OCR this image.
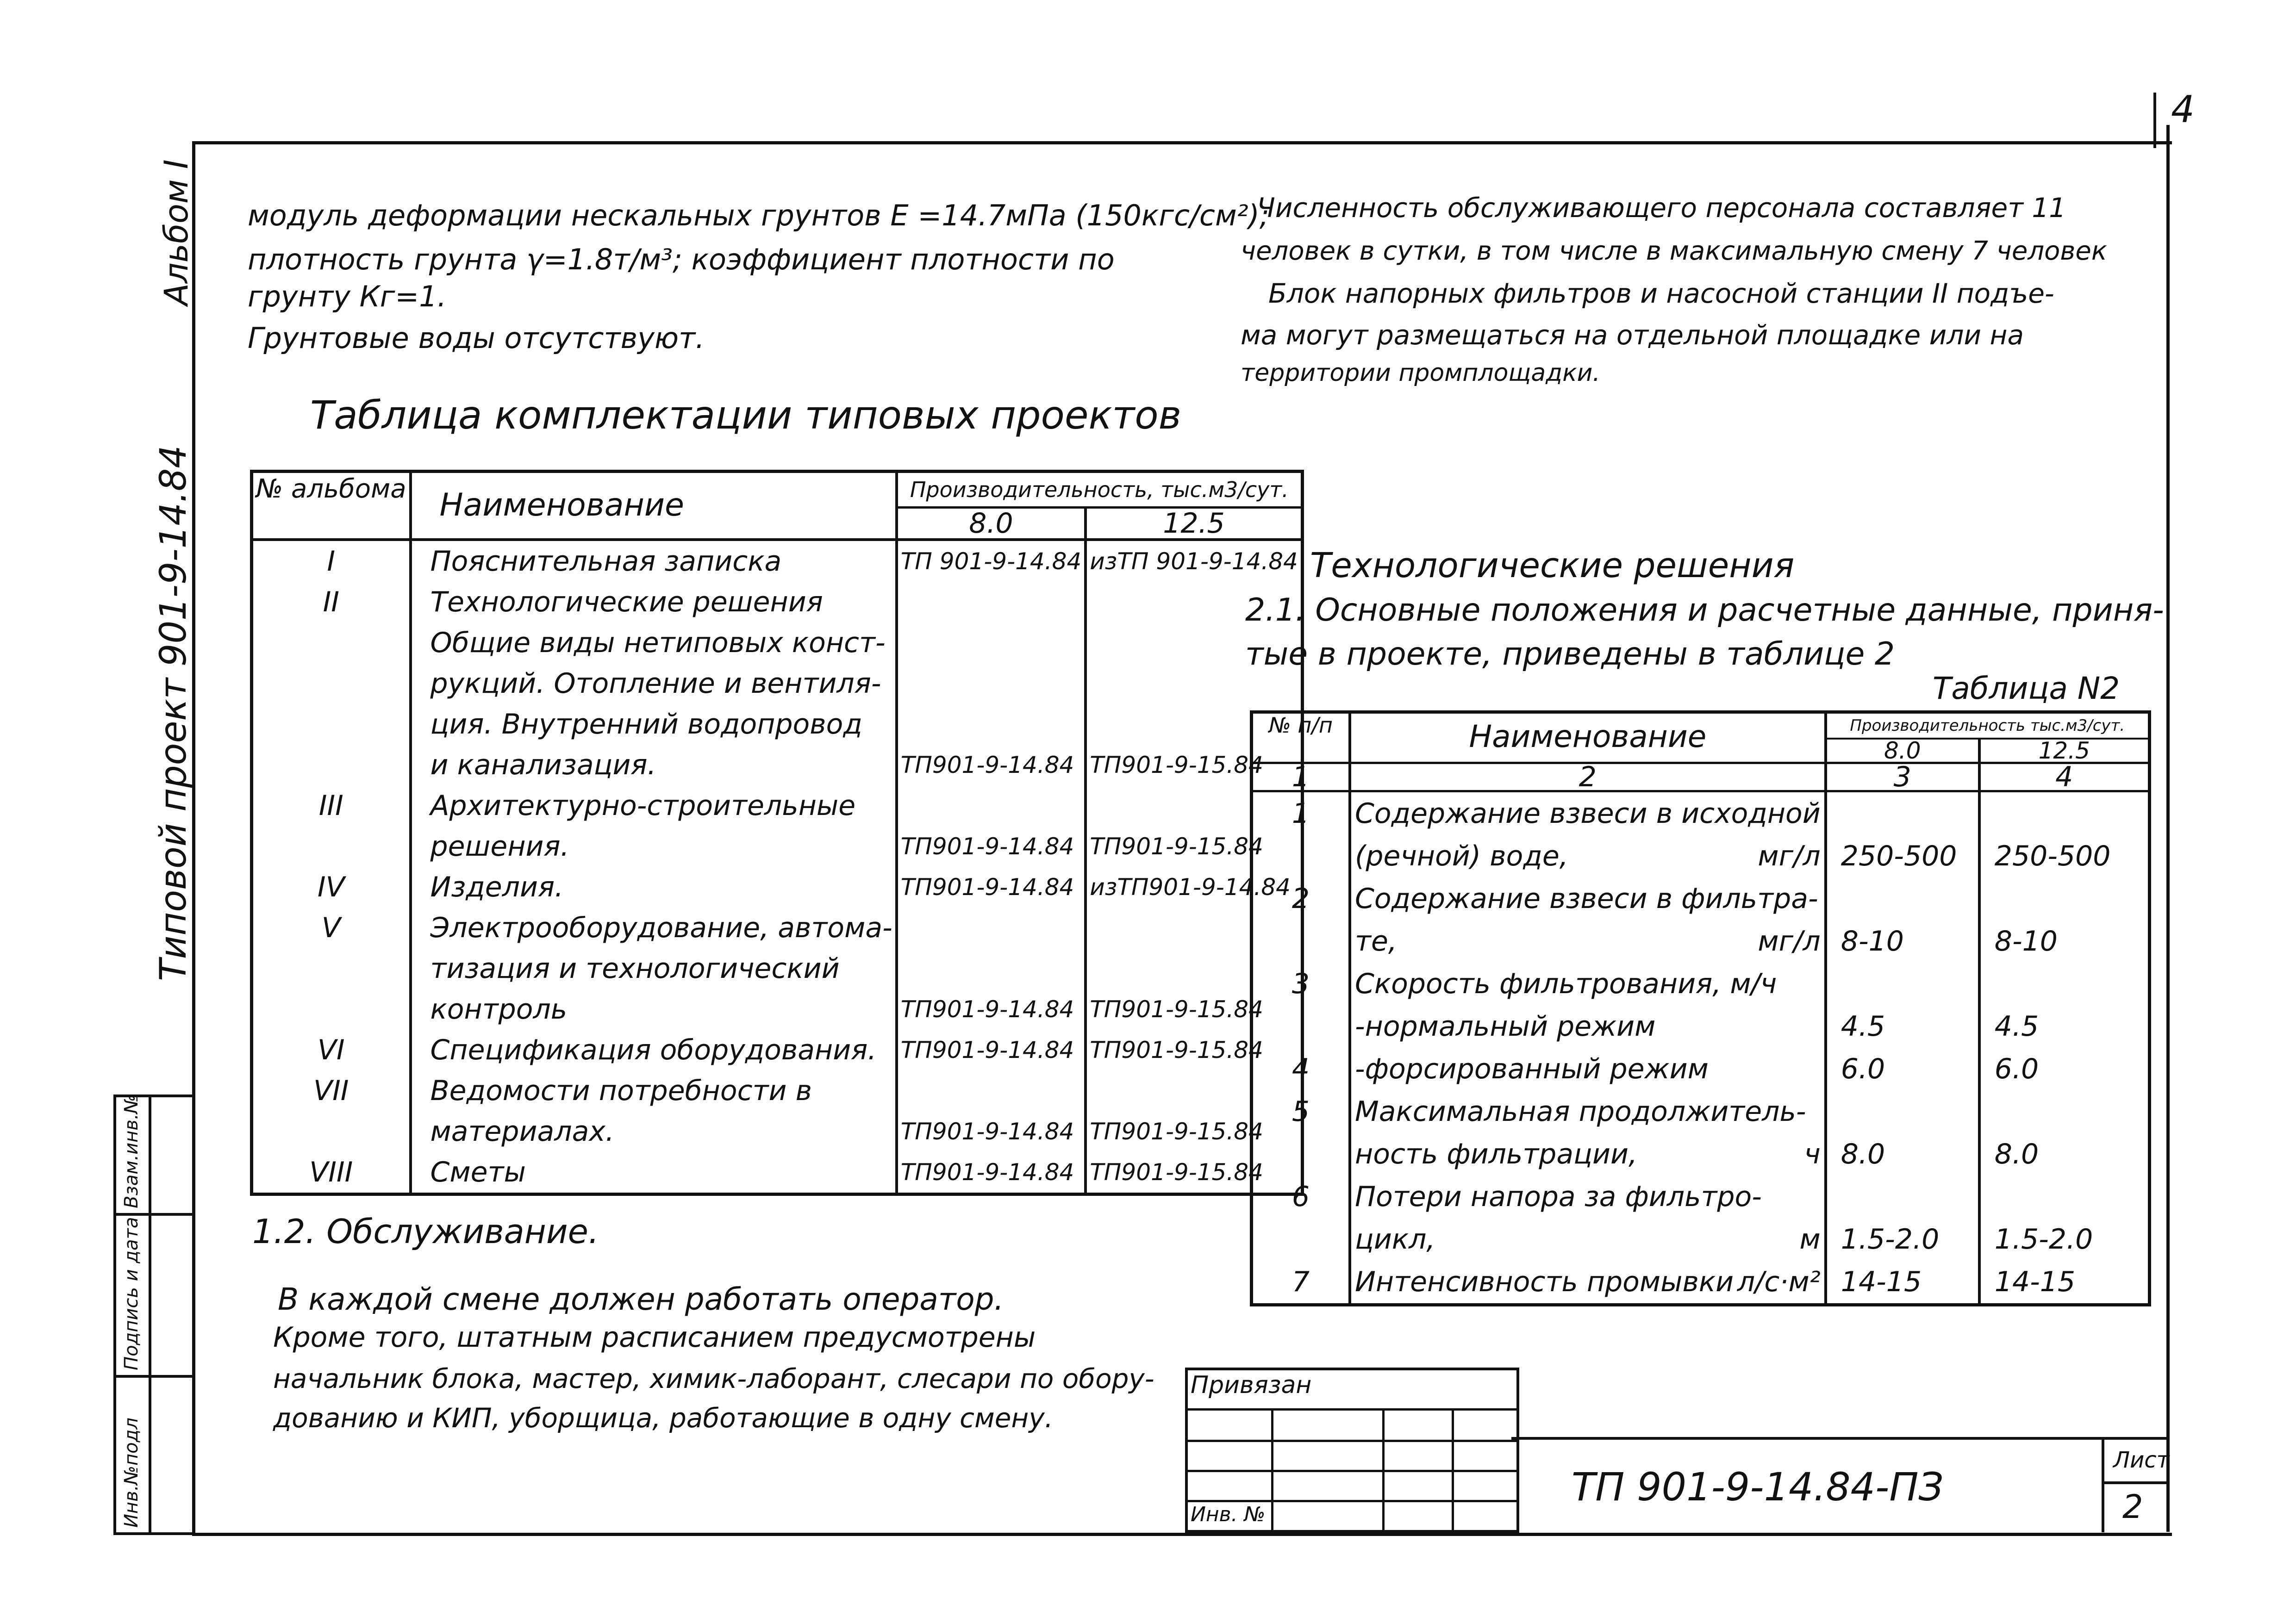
4
Альбом I
Типовой проект 901-9-14.84
Инв.№подл
Подпись и дата
Взам.инв.№
модуль деформации нескальных грунтов E =14.7мПа (150кгс/см²);
плотность грунта γ=1.8т/м³; коэффициент плотности по
грунту Кг=1.
Грунтовые воды отсутствуют.
Таблица комплектации типовых проектов
№ альбома	Наименование	Производительность, тыс.м3/сут.	
		8.0	12.5
I	Пояснительная записка	ТП 901-9-14.84	изТП 901-9-14.84
II	Технологические решения		
	Общие виды нетиповых конст-		
	рукций. Отопление и вентиля-		
	ция. Внутренний водопровод		
	и канализация.	ТП901-9-14.84	ТП901-9-15.84
III	Архитектурно-строительные		
	решения.	ТП901-9-14.84	ТП901-9-15.84
IV	Изделия.	ТП901-9-14.84	изТП901-9-14.84
V	Электрооборудование, автома-		
	тизация и технологический		
	контроль	ТП901-9-14.84	ТП901-9-15.84
VI	Спецификация оборудования.	ТП901-9-14.84	ТП901-9-15.84
VII	Ведомости потребности в		
	материалах.	ТП901-9-14.84	ТП901-9-15.84
VIII	Сметы	ТП901-9-14.84	ТП901-9-15.84
1.2. Обслуживание.
В каждой смене должен работать оператор.
Кроме того, штатным расписанием предусмотрены
начальник блока, мастер, химик-лаборант, слесари по обору-
дованию и КИП, уборщица, работающие в одну смену.
Численность обслуживающего персонала составляет 11
человек в сутки, в том числе в максимальную смену 7 человек
Блок напорных фильтров и насосной станции II подъе-
ма могут размещаться на отдельной площадке или на
территории промплощадки.
Технологические решения
2.1. Основные положения и расчетные данные, приня-
тые в проекте, приведены в таблице 2
Таблица N2
№ п/п	Наименование	Производительность тыс.м3/сут.	
		8.0	12.5
1	2	3	4
1	Содержание взвеси в исходной

	(речной) воде, мг/л	250-500	250-500
2	Содержание взвеси в фильтра-

	те, мг/л	8-10	8-10
3	Скорость фильтрования, м/ч

	-нормальный режим	4.5	4.5
4	-форсированный режим	6.0	6.0
5	Максимальная продолжитель-

	ность фильтрации, ч	8.0	8.0
6	Потери напора за фильтро-

	цикл, м	1.5-2.0	1.5-2.0
7	Интенсивность промывки л/с·м²	14-15	14-15
Привязан
Инв. №
ТП 901-9-14.84-ПЗ
Лист
2
